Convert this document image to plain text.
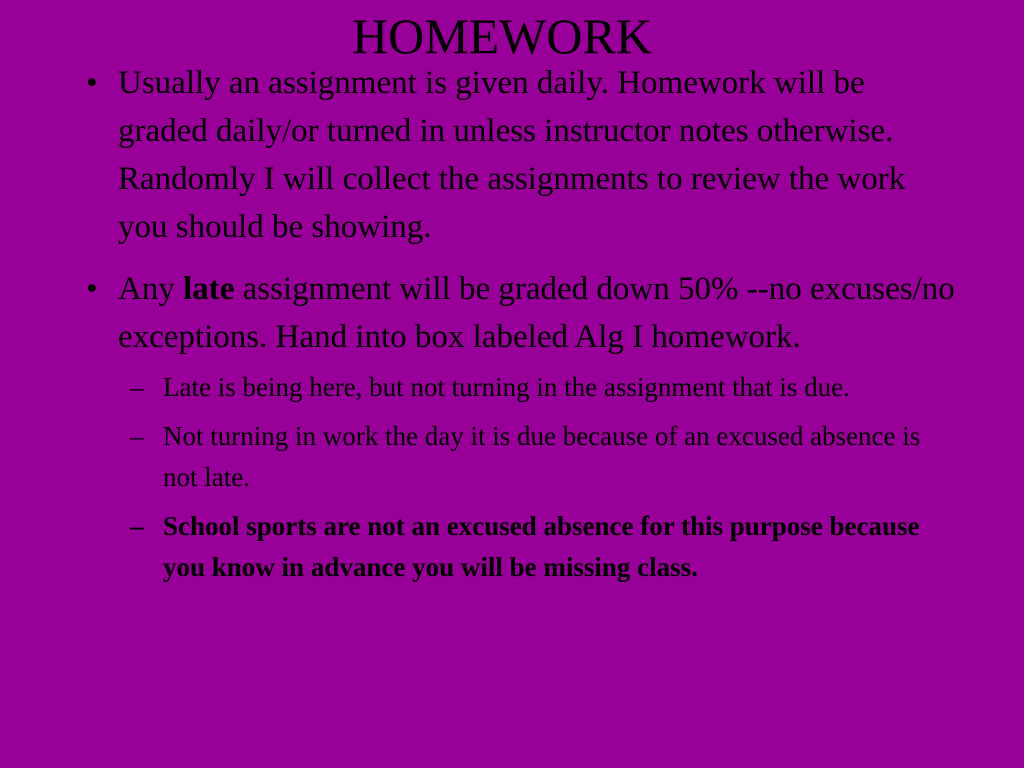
HOMEWORK
• Usually an assignment is given daily. Homework will be graded daily/or turned in unless instructor notes otherwise. Randomly I will collect the assignments to review the work you should be showing.
• Any late assignment will be graded down 50% --no excuses/no exceptions. Hand into box labeled Alg I homework.
– Late is being here, but not turning in the assignment that is due.
– Not turning in work the day it is due because of an excused absence is not late.
– School sports are not an excused absence for this purpose because you know in advance you will be missing class.
